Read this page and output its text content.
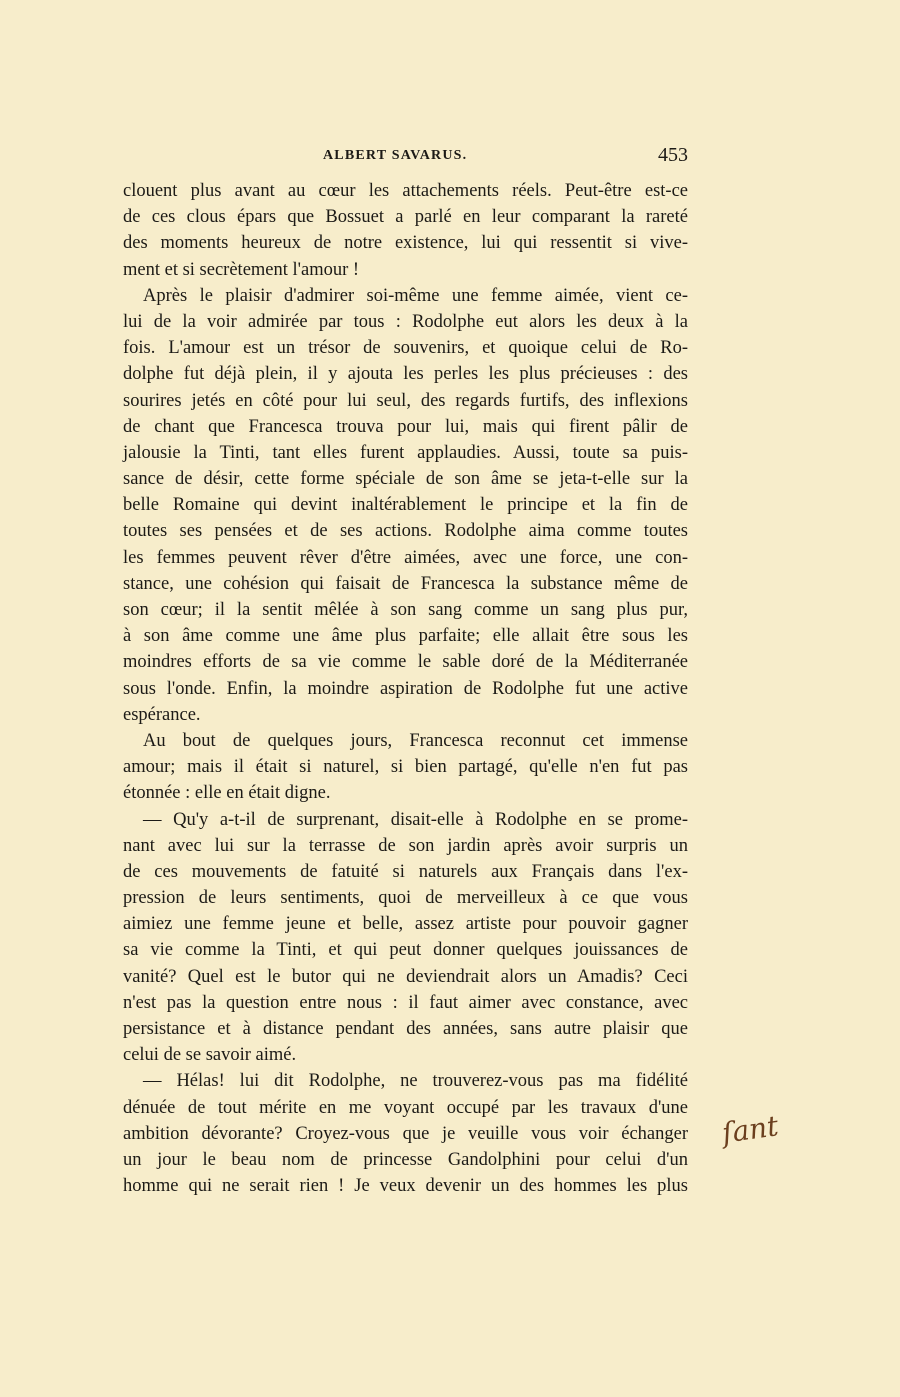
ALBERT SAVARUS.	453
clouent plus avant au cœur les attachements réels. Peut-être est-ce
de ces clous épars que Bossuet a parlé en leur comparant la rareté
des moments heureux de notre existence, lui qui ressentit si vive-
ment et si secrètement l'amour !
Après le plaisir d'admirer soi-même une femme aimée, vient ce-
lui de la voir admirée par tous : Rodolphe eut alors les deux à la
fois. L'amour est un trésor de souvenirs, et quoique celui de Ro-
dolphe fut déjà plein, il y ajouta les perles les plus précieuses : des
sourires jetés en côté pour lui seul, des regards furtifs, des inflexions
de chant que Francesca trouva pour lui, mais qui firent pâlir de
jalousie la Tinti, tant elles furent applaudies. Aussi, toute sa puis-
sance de désir, cette forme spéciale de son âme se jeta-t-elle sur la
belle Romaine qui devint inaltérablement le principe et la fin de
toutes ses pensées et de ses actions. Rodolphe aima comme toutes
les femmes peuvent rêver d'être aimées, avec une force, une con-
stance, une cohésion qui faisait de Francesca la substance même de
son cœur; il la sentit mêlée à son sang comme un sang plus pur,
à son âme comme une âme plus parfaite; elle allait être sous les
moindres efforts de sa vie comme le sable doré de la Méditerranée
sous l'onde. Enfin, la moindre aspiration de Rodolphe fut une active
espérance.
Au bout de quelques jours, Francesca reconnut cet immense
amour; mais il était si naturel, si bien partagé, qu'elle n'en fut pas
étonnée : elle en était digne.
— Qu'y a-t-il de surprenant, disait-elle à Rodolphe en se prome-
nant avec lui sur la terrasse de son jardin après avoir surpris un
de ces mouvements de fatuité si naturels aux Français dans l'ex-
pression de leurs sentiments, quoi de merveilleux à ce que vous
aimiez une femme jeune et belle, assez artiste pour pouvoir gagner
sa vie comme la Tinti, et qui peut donner quelques jouissances de
vanité? Quel est le butor qui ne deviendrait alors un Amadis? Ceci
n'est pas la question entre nous : il faut aimer avec constance, avec
persistance et à distance pendant des années, sans autre plaisir que
celui de se savoir aimé.
— Hélas! lui dit Rodolphe, ne trouverez-vous pas ma fidélité
dénuée de tout mérite en me voyant occupé par les travaux d'une
ambition dévorante? Croyez-vous que je veuille vous voir échanger
un jour le beau nom de princesse Gandolphini pour celui d'un
homme qui ne serait rien ! Je veux devenir un des hommes les plus
ſant
